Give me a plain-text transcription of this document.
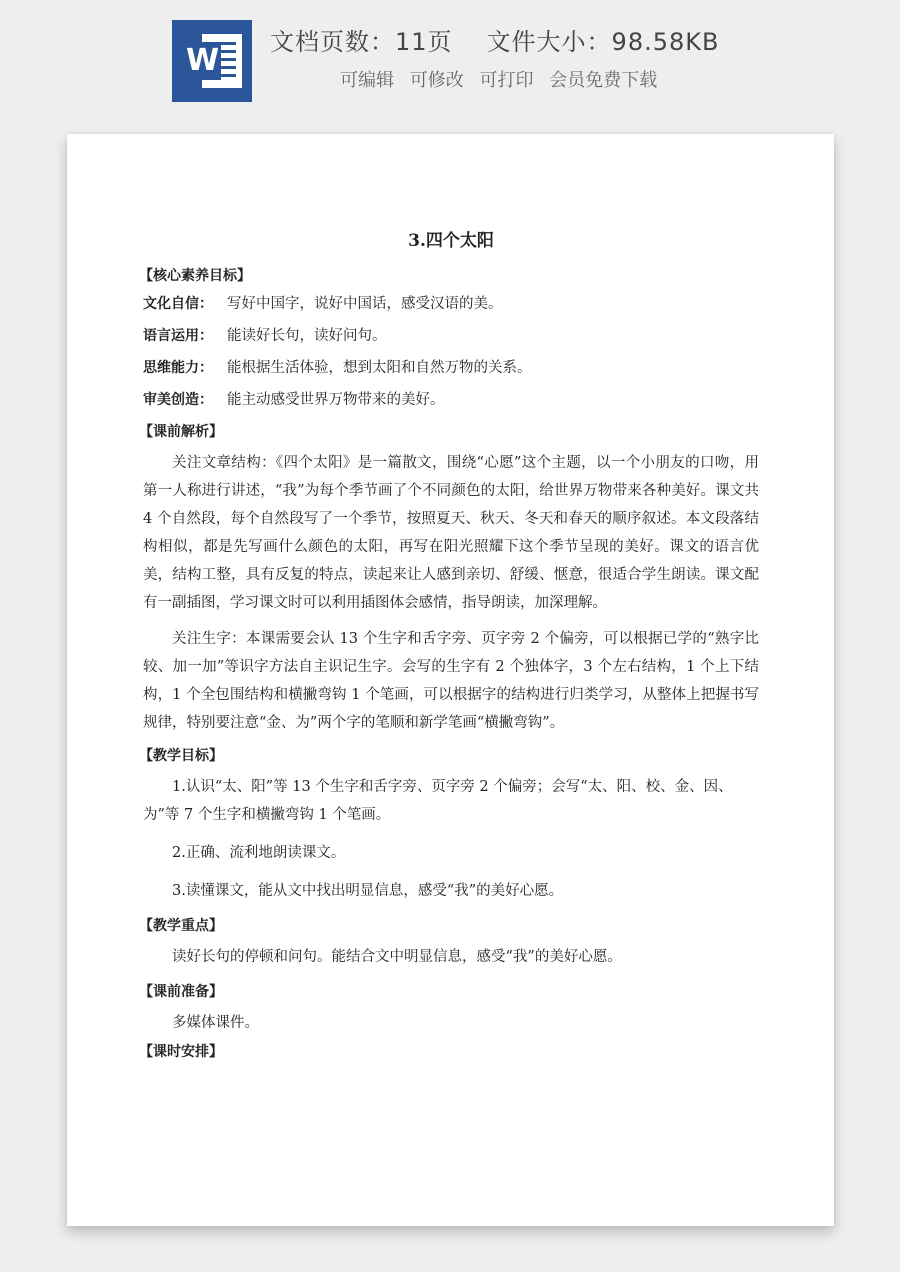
W
文档页数：11页 文件大小：98.58KB
可编辑 可修改 可打印 会员免费下载
3.四个太阳
【核心素养目标】
文化自信： 写好中国字，说好中国话，感受汉语的美。
语言运用： 能读好长句，读好问句。
思维能力： 能根据生活体验，想到太阳和自然万物的关系。
审美创造： 能主动感受世界万物带来的美好。
【课前解析】

关注文章结构：《四个太阳》是一篇散文，围绕“心愿”这个主题，以一个小朋友的口吻，用第一人称进行讲述，“我”为每个季节画了个不同颜色的太阳，给世界万物带来各种美好。课文共 4 个自然段，每个自然段写了一个季节，按照夏天、秋天、冬天和春天的顺序叙述。本文段落结构相似，都是先写画什么颜色的太阳，再写在阳光照耀下这个季节呈现的美好。课文的语言优美，结构工整，具有反复的特点，读起来让人感到亲切、舒缓、惬意，很适合学生朗读。课文配有一副插图，学习课文时可以利用插图体会感情，指导朗读，加深理解。

关注生字：本课需要会认 13 个生字和舌字旁、页字旁 2 个偏旁，可以根据已学的“熟字比较、加一加”等识字方法自主识记生字。会写的生字有 2 个独体字，3 个左右结构，1 个上下结构，1 个全包围结构和横撇弯钩 1 个笔画，可以根据字的结构进行归类学习，从整体上把握书写规律，特别要注意“金、为”两个字的笔顺和新学笔画“横撇弯钩”。

【教学目标】

1.认识“太、阳”等 13 个生字和舌字旁、页字旁 2 个偏旁；会写“太、阳、校、金、因、为”等 7 个生字和横撇弯钩 1 个笔画。

2.正确、流利地朗读课文。

3.读懂课文，能从文中找出明显信息，感受“我”的美好心愿。

【教学重点】

读好长句的停顿和问句。能结合文中明显信息，感受“我”的美好心愿。

【课前准备】

多媒体课件。

【课时安排】
